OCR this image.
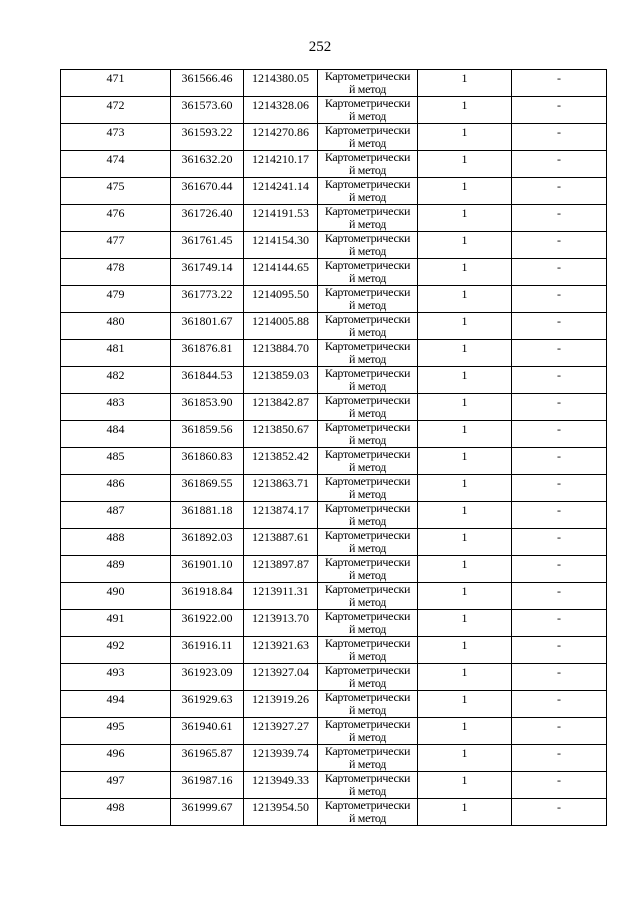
252
471	361566.46	1214380.05	Картометрически
й метод	1	-
472	361573.60	1214328.06	Картометрически
й метод	1	-
473	361593.22	1214270.86	Картометрически
й метод	1	-
474	361632.20	1214210.17	Картометрически
й метод	1	-
475	361670.44	1214241.14	Картометрически
й метод	1	-
476	361726.40	1214191.53	Картометрически
й метод	1	-
477	361761.45	1214154.30	Картометрически
й метод	1	-
478	361749.14	1214144.65	Картометрически
й метод	1	-
479	361773.22	1214095.50	Картометрически
й метод	1	-
480	361801.67	1214005.88	Картометрически
й метод	1	-
481	361876.81	1213884.70	Картометрически
й метод	1	-
482	361844.53	1213859.03	Картометрически
й метод	1	-
483	361853.90	1213842.87	Картометрически
й метод	1	-
484	361859.56	1213850.67	Картометрически
й метод	1	-
485	361860.83	1213852.42	Картометрически
й метод	1	-
486	361869.55	1213863.71	Картометрически
й метод	1	-
487	361881.18	1213874.17	Картометрически
й метод	1	-
488	361892.03	1213887.61	Картометрически
й метод	1	-
489	361901.10	1213897.87	Картометрически
й метод	1	-
490	361918.84	1213911.31	Картометрически
й метод	1	-
491	361922.00	1213913.70	Картометрически
й метод	1	-
492	361916.11	1213921.63	Картометрически
й метод	1	-
493	361923.09	1213927.04	Картометрически
й метод	1	-
494	361929.63	1213919.26	Картометрически
й метод	1	-
495	361940.61	1213927.27	Картометрически
й метод	1	-
496	361965.87	1213939.74	Картометрически
й метод	1	-
497	361987.16	1213949.33	Картометрически
й метод	1	-
498	361999.67	1213954.50	Картометрически
й метод	1	-
